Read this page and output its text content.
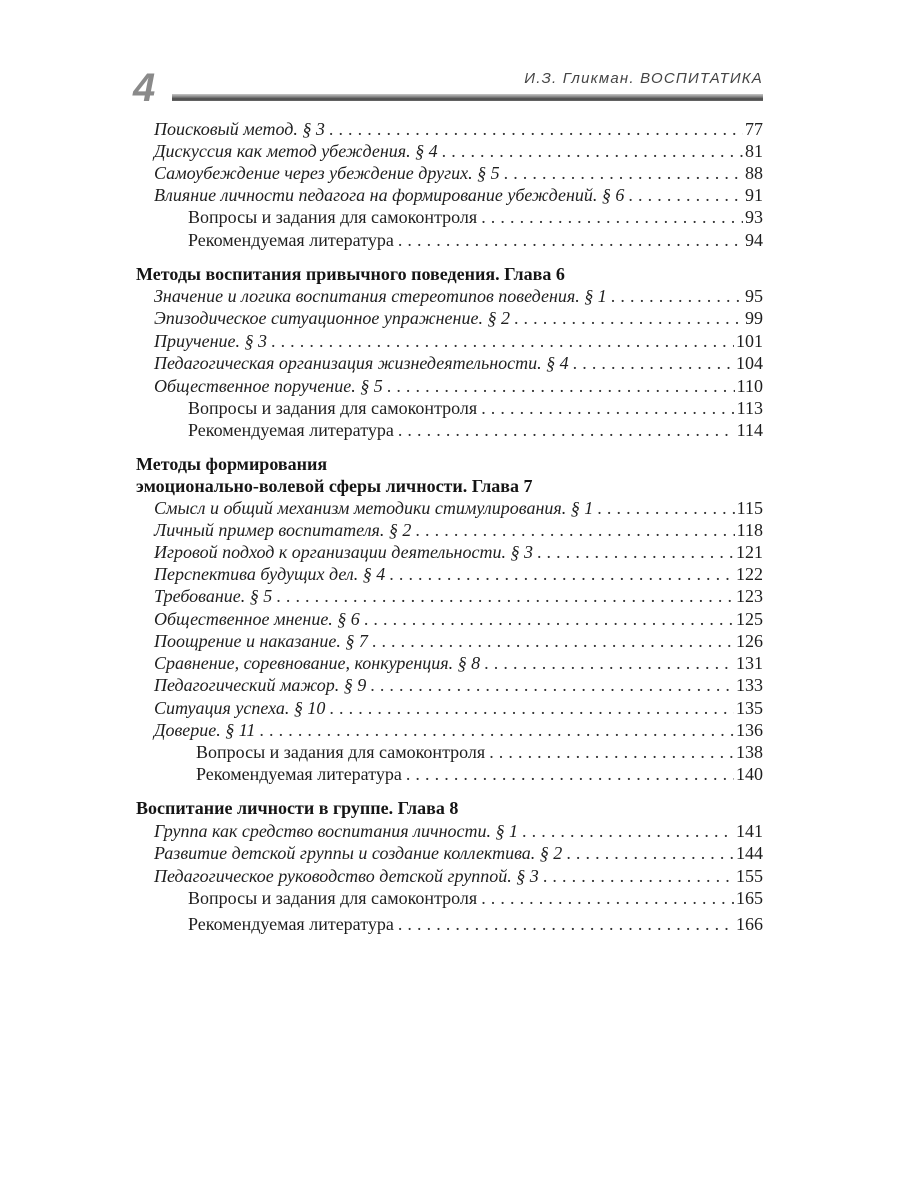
4	И.З. Гликман. ВОСПИТАТИКА
Поисковый метод. § 3 . . .	77
Дискуссия как метод убеждения. § 4 . . .	81
Самоубеждение через убеждение других. § 5 . . .	88
Влияние личности педагога на формирование убеждений. § 6 . . .	91
Вопросы и задания для самоконтроля . . .	93
Рекомендуемая литература . . .	94
Методы воспитания привычного поведения. Глава 6
Значение и логика воспитания стереотипов поведения. § 1 . . .	95
Эпизодическое ситуационное упражнение. § 2 . . .	99
Приучение. § 3 . . .	101
Педагогическая организация жизнедеятельности. § 4 . . .	104
Общественное поручение. § 5 . . .	110
Вопросы и задания для самоконтроля . . .	113
Рекомендуемая литература . . .	114
Методы формирования
эмоционально-волевой сферы личности. Глава 7
Смысл и общий механизм методики стимулирования. § 1 . . .	115
Личный пример воспитателя. § 2 . . .	118
Игровой подход к организации деятельности. § 3 . . .	121
Перспектива будущих дел. § 4 . . .	122
Требование. § 5 . . .	123
Общественное мнение. § 6 . . .	125
Поощрение и наказание. § 7 . . .	126
Сравнение, соревнование, конкуренция. § 8 . . .	131
Педагогический мажор. § 9 . . .	133
Ситуация успеха. § 10 . . .	135
Доверие. § 11 . . .	136
Вопросы и задания для самоконтроля . . .	138
Рекомендуемая литература . . .	140
Воспитание личности в группе. Глава 8
Группа как средство воспитания личности. § 1 . . .	141
Развитие детской группы и создание коллектива. § 2 . . .	144
Педагогическое руководство детской группой. § 3 . . .	155
Вопросы и задания для самоконтроля . . .	165
Рекомендуемая литература . . .	166
